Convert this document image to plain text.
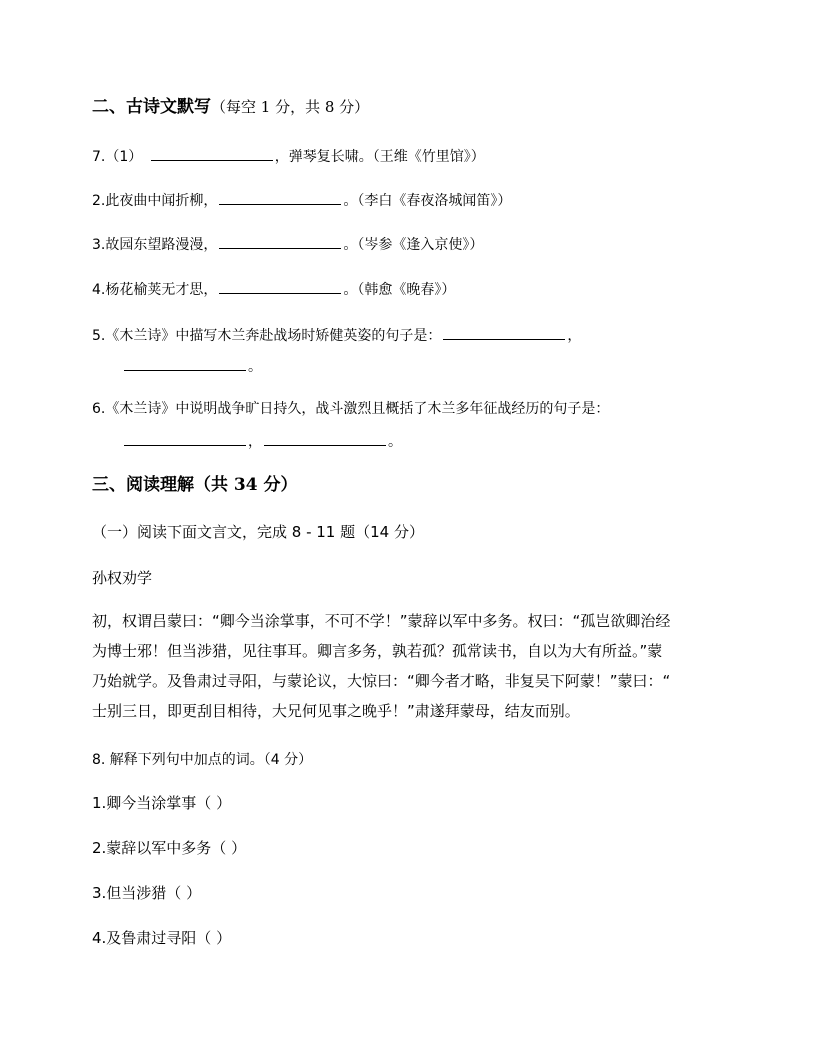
二、古诗文默写（每空 1 分，共 8 分）
7.（1）	，弹琴复长啸。（王维《竹里馆》）
2.此夜曲中闻折柳，	。（李白《春夜洛城闻笛》）
3.故园东望路漫漫，	。（岑参《逢入京使》）
4.杨花榆荚无才思，	。（韩愈《晚春》）
5.《木兰诗》中描写木兰奔赴战场时矫健英姿的句子是：	，
。
6.《木兰诗》中说明战争旷日持久，战斗激烈且概括了木兰多年征战经历的句子是：
，	。
三、阅读理解（共 34 分）
（一）阅读下面文言文，完成 8 - 11 题（14 分）
孙权劝学
初，权谓吕蒙曰：“卿今当涂掌事，不可不学！”蒙辞以军中多务。权曰：“孤岂欲卿治经
为博士邪！但当涉猎，见往事耳。卿言多务，孰若孤？孤常读书，自以为大有所益。”蒙
乃始就学。及鲁肃过寻阳，与蒙论议，大惊曰：“卿今者才略，非复吴下阿蒙！”蒙曰：“
士别三日，即更刮目相待，大兄何见事之晚乎！”肃遂拜蒙母，结友而别。
8. 解释下列句中加点的词。（4 分）
1.卿今当涂掌事（ ）
2.蒙辞以军中多务（ ）
3.但当涉猎（ ）
4.及鲁肃过寻阳（ ）
